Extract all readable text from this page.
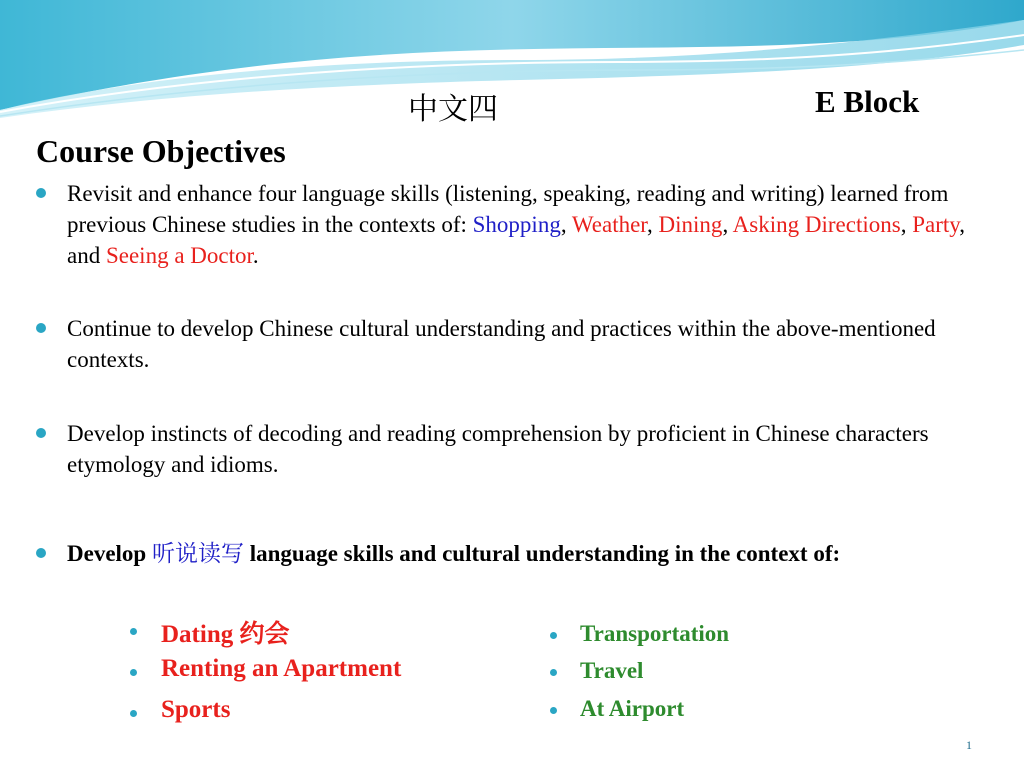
中文四	E Block
Course Objectives
Revisit and enhance four language skills (listening, speaking, reading and writing) learned from previous Chinese studies in the contexts of: Shopping, Weather, Dining, Asking Directions, Party, and Seeing a Doctor.
Continue to develop Chinese cultural understanding and practices within the above-mentioned contexts.
Develop instincts of decoding and reading comprehension by proficient in Chinese characters etymology and idioms.
Develop 听说读写 language skills and cultural understanding in the context of:
Dating 约会
Renting an Apartment
Sports
Transportation
Travel
At Airport
1
